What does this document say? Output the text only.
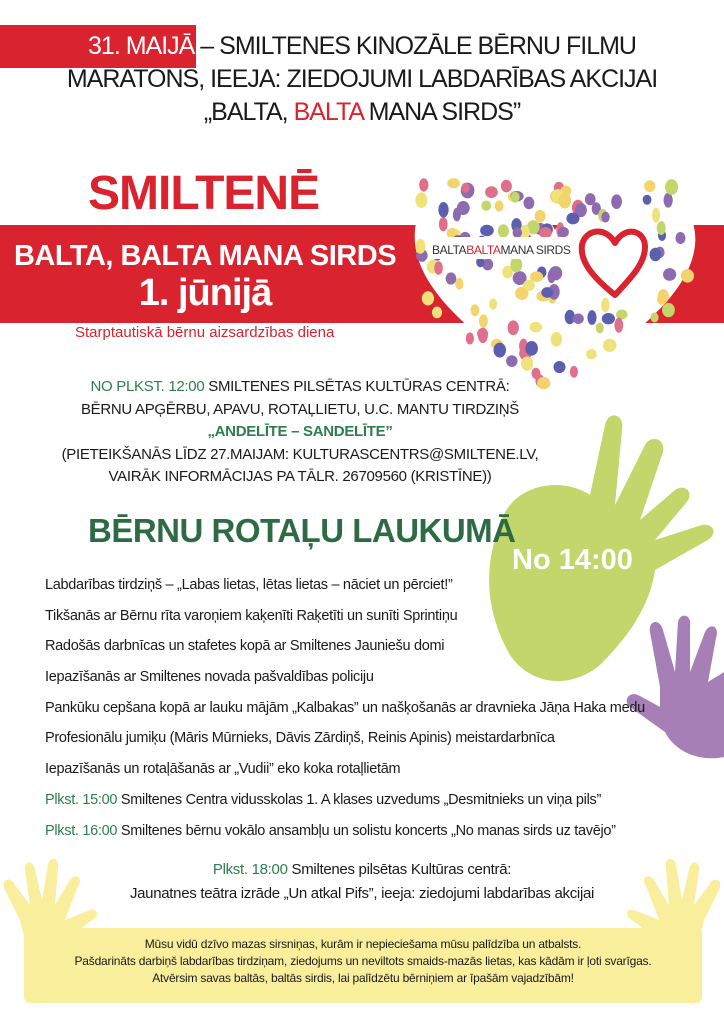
31. MAIJĀ – SMILTENES KINOZĀLE BĒRNU FILMU
MARATONS, IEEJA: ZIEDOJUMI LABDARĪBAS AKCIJAI
„BALTA, BALTA MANA SIRDS”
SMILTENĒ
BALTABALTAMANA SIRDS
BALTA, BALTA MANA SIRDS
1. jūnijā
Starptautiskā bērnu aizsardzības diena
NO PLKST. 12:00 SMILTENES PILSĒTAS KULTŪRAS CENTRĀ:
BĒRNU APĢĒRBU, APAVU, ROTAĻLIETU, U.C. MANTU TIRDZIŅŠ
„ANDELĪTE – SANDELĪTE”
(PIETEIKŠANĀS LĪDZ 27.MAIJAM: KULTURASCENTRS@SMILTENE.LV,
VAIRĀK INFORMĀCIJAS PA TĀLR. 26709560 (KRISTĪNE))
BĒRNU ROTAĻU LAUKUMĀ
No 14:00
Labdarības tirdziņš – „Labas lietas, lētas lietas – nāciet un pērciet!”
Tikšanās ar Bērnu rīta varoņiem kaķenīti Raķetīti un sunīti Sprintiņu
Radošās darbnīcas un stafetes kopā ar Smiltenes Jauniešu domi
Iepazīšanās ar Smiltenes novada pašvaldības policiju
Pankūku cepšana kopā ar lauku mājām „Kalbakas” un našķošanās ar dravnieka Jāņa Haka medu
Profesionālu jumiķu (Māris Mūrnieks, Dāvis Zārdiņš, Reinis Apinis) meistardarbnīca
Iepazīšanās un rotaļāšanās ar „Vudii” eko koka rotaļlietām
Plkst. 15:00 Smiltenes Centra vidusskolas 1. A klases uzvedums „Desmitnieks un viņa pils”
Plkst. 16:00 Smiltenes bērnu vokālo ansambļu un solistu koncerts „No manas sirds uz tavējo”
Plkst. 18:00 Smiltenes pilsētas Kultūras centrā:
Jaunatnes teātra izrāde „Un atkal Pifs”, ieeja: ziedojumi labdarības akcijai
Mūsu vidū dzīvo mazas sirsniņas, kurām ir nepieciešama mūsu palīdzība un atbalsts.
Pašdarināts darbiņš labdarības tirdziņam, ziedojums un neviltots smaids-mazās lietas, kas kādām ir ļoti svarīgas.
Atvērsim savas baltās, baltās sirdis, lai palīdzētu bērniņiem ar īpašām vajadzībām!
